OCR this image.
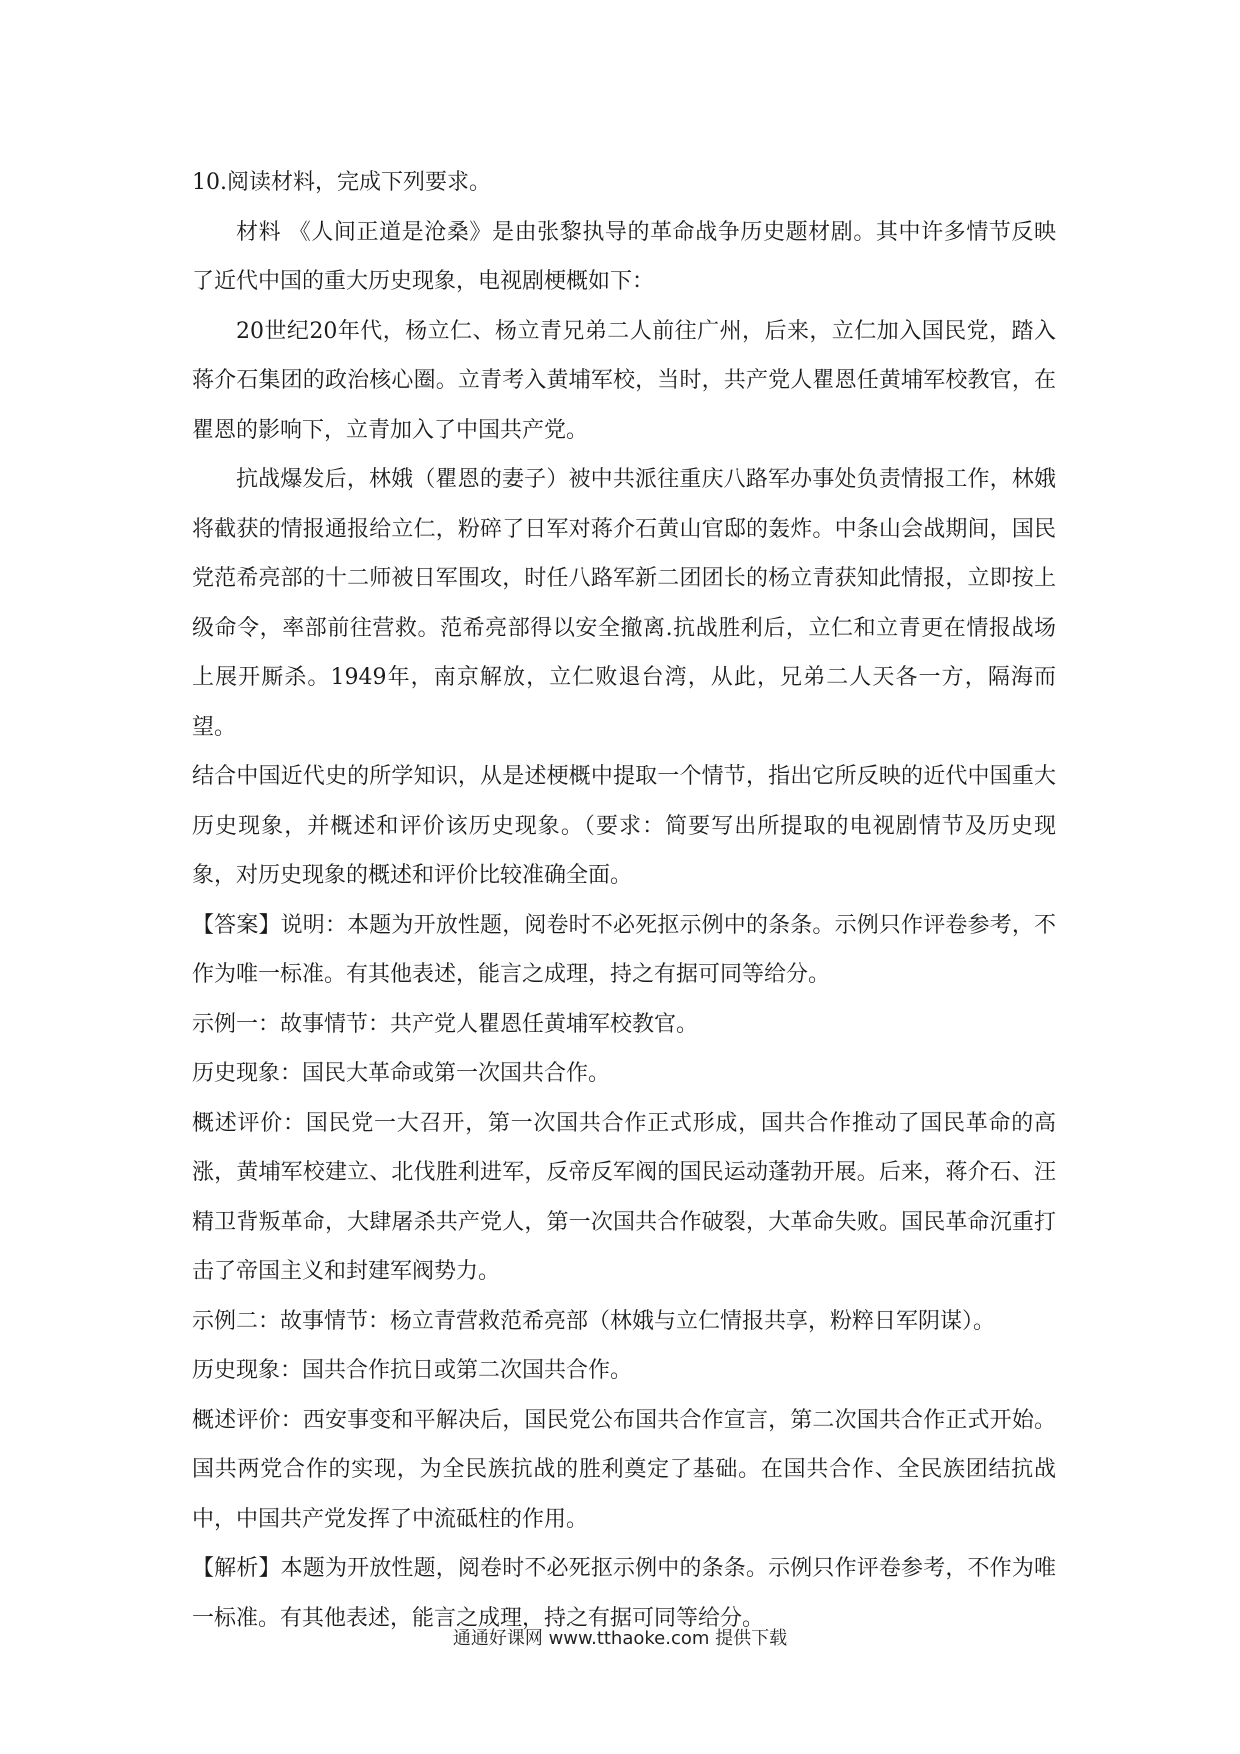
10.阅读材料，完成下列要求。

材料 《人间正道是沧桑》是由张黎执导的革命战争历史题材剧。其中许多情节反映了近代中国的重大历史现象，电视剧梗概如下：

20世纪20年代，杨立仁、杨立青兄弟二人前往广州，后来，立仁加入国民党，踏入蒋介石集团的政治核心圈。立青考入黄埔军校，当时，共产党人瞿恩任黄埔军校教官，在瞿恩的影响下，立青加入了中国共产党。

抗战爆发后，林娥（瞿恩的妻子）被中共派往重庆八路军办事处负责情报工作，林娥将截获的情报通报给立仁，粉碎了日军对蒋介石黄山官邸的轰炸。中条山会战期间，国民党范希亮部的十二师被日军围攻，时任八路军新二团团长的杨立青获知此情报，立即按上级命令，率部前往营救。范希亮部得以安全撤离.抗战胜利后，立仁和立青更在情报战场上展开厮杀。1949年，南京解放，立仁败退台湾，从此，兄弟二人天各一方，隔海而望。

结合中国近代史的所学知识，从是述梗概中提取一个情节，指出它所反映的近代中国重大历史现象，并概述和评价该历史现象。（要求：简要写出所提取的电视剧情节及历史现象，对历史现象的概述和评价比较准确全面。

【答案】说明：本题为开放性题，阅卷时不必死抠示例中的条条。示例只作评卷参考，不作为唯一标准。有其他表述，能言之成理，持之有据可同等给分。

示例一：故事情节：共产党人瞿恩任黄埔军校教官。

历史现象：国民大革命或第一次国共合作。

概述评价：国民党一大召开，第一次国共合作正式形成，国共合作推动了国民革命的高涨，黄埔军校建立、北伐胜利进军，反帝反军阀的国民运动蓬勃开展。后来，蒋介石、汪精卫背叛革命，大肆屠杀共产党人，第一次国共合作破裂，大革命失败。国民革命沉重打击了帝国主义和封建军阀势力。

示例二：故事情节：杨立青营救范希亮部（林娥与立仁情报共享，粉粹日军阴谋）。

历史现象：国共合作抗日或第二次国共合作。

概述评价：西安事变和平解决后，国民党公布国共合作宣言，第二次国共合作正式开始。国共两党合作的实现，为全民族抗战的胜利奠定了基础。在国共合作、全民族团结抗战中，中国共产党发挥了中流砥柱的作用。

【解析】本题为开放性题，阅卷时不必死抠示例中的条条。示例只作评卷参考，不作为唯一标准。有其他表述，能言之成理，持之有据可同等给分。

通通好课网 www.tthaoke.com 提供下载
